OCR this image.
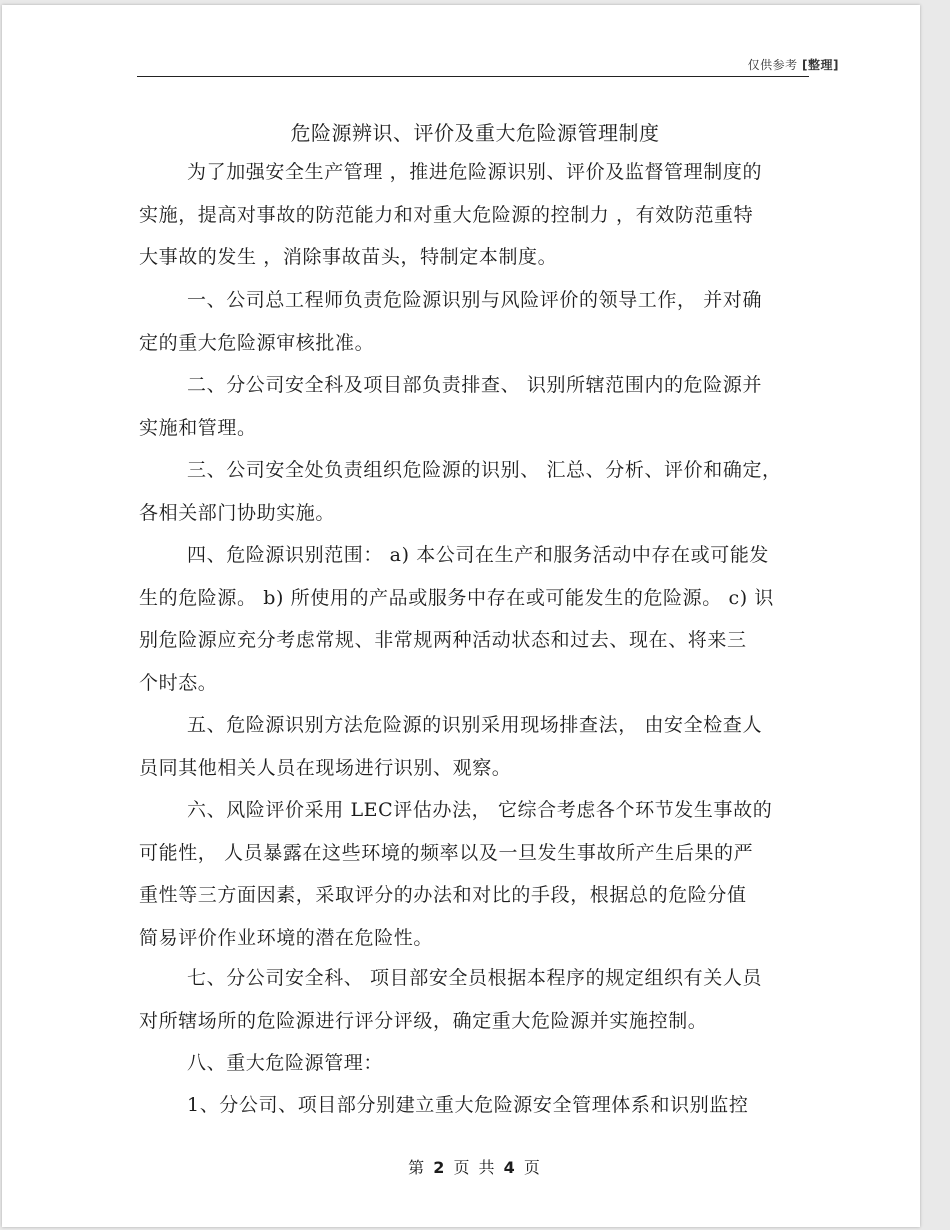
仅供参考 [整理]
危险源辨识、评价及重大危险源管理制度
为了加强安全生产管理 ，推进危险源识别、评价及监督管理制度的
实施，提高对事故的防范能力和对重大危险源的控制力 ，有效防范重特
大事故的发生 ，消除事故苗头，特制定本制度。
一、公司总工程师负责危险源识别与风险评价的领导工作， 并对确
定的重大危险源审核批准。
二、分公司安全科及项目部负责排查、 识别所辖范围内的危险源并
实施和管理。
三、公司安全处负责组织危险源的识别、 汇总、分析、评价和确定，
各相关部门协助实施。
四、危险源识别范围： a) 本公司在生产和服务活动中存在或可能发
生的危险源。 b) 所使用的产品或服务中存在或可能发生的危险源。 c) 识
别危险源应充分考虑常规、非常规两种活动状态和过去、现在、将来三
个时态。
五、危险源识别方法危险源的识别采用现场排查法， 由安全检查人
员同其他相关人员在现场进行识别、观察。
六、风险评价采用 LEC评估办法， 它综合考虑各个环节发生事故的
可能性， 人员暴露在这些环境的频率以及一旦发生事故所产生后果的严
重性等三方面因素，采取评分的办法和对比的手段，根据总的危险分值
简易评价作业环境的潜在危险性。
七、分公司安全科、 项目部安全员根据本程序的规定组织有关人员
对所辖场所的危险源进行评分评级，确定重大危险源并实施控制。
八、重大危险源管理：
1、分公司、项目部分别建立重大危险源安全管理体系和识别监控
第 2 页 共 4 页
